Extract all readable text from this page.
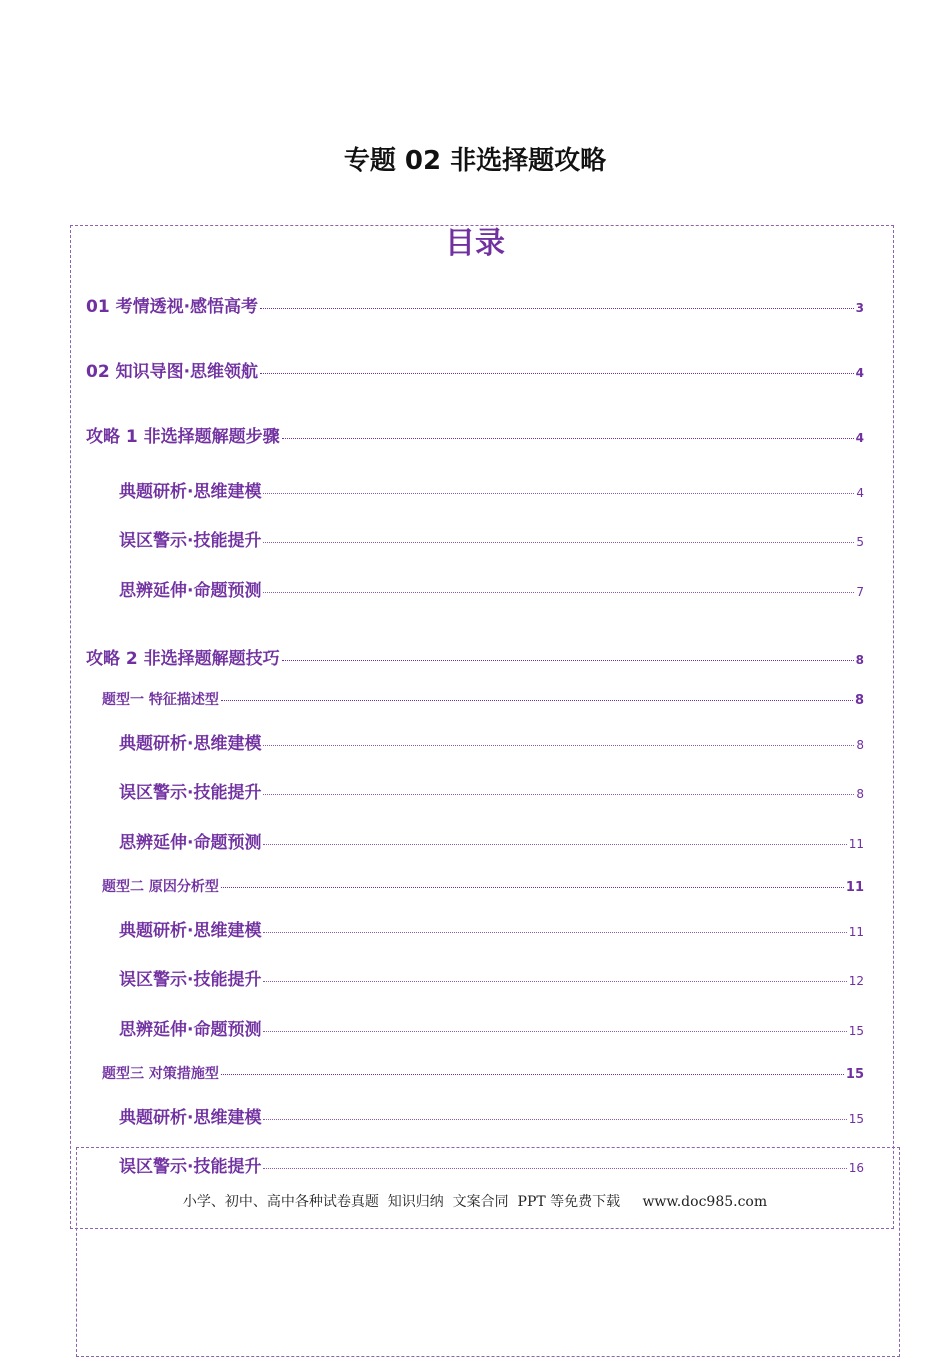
专题 02 非选择题攻略
目录
01 考情透视·感悟高考	3
02 知识导图·思维领航	4
攻略 1 非选择题解题步骤	4
典题研析·思维建模	4
误区警示·技能提升	5
思辨延伸·命题预测	7
攻略 2 非选择题解题技巧	8
题型一 特征描述型	8
典题研析·思维建模	8
误区警示·技能提升	8
思辨延伸·命题预测	11
题型二 原因分析型	11
典题研析·思维建模	11
误区警示·技能提升	12
思辨延伸·命题预测	15
题型三 对策措施型	15
典题研析·思维建模	15
误区警示·技能提升	16
小学、初中、高中各种试卷真题  知识归纳  文案合同  PPT 等免费下载     www.doc985.com
